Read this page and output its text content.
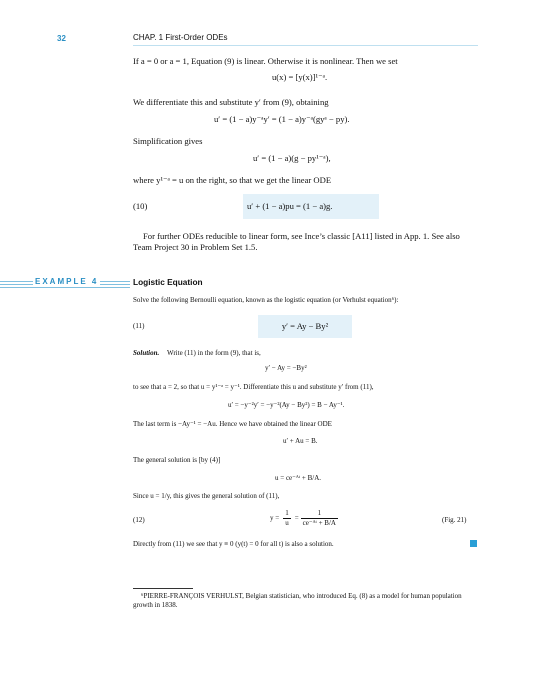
32	CHAP. 1 First-Order ODEs
If a = 0 or a = 1, Equation (9) is linear. Otherwise it is nonlinear. Then we set
u(x) = [y(x)]¹⁻ᵃ.
We differentiate this and substitute y′ from (9), obtaining
u′ = (1 − a)y⁻ᵃy′ = (1 − a)y⁻ᵃ(gyᵃ − py).
Simplification gives
u′ = (1 − a)(g − py¹⁻ᵃ),
where y¹⁻ᵃ = u on the right, so that we get the linear ODE
(10)	u′ + (1 − a)pu = (1 − a)g.
For further ODEs reducible to linear form, see Ince’s classic [A11] listed in App. 1. See also Team Project 30 in Problem Set 1.5.
EXAMPLE 4	Logistic Equation
Solve the following Bernoulli equation, known as the logistic equation (or Verhulst equation⁶):
(11)	y′ = Ay − By²
Solution. Write (11) in the form (9), that is,
y′ − Ay = −By²
to see that a = 2, so that u = y¹⁻ᵃ = y⁻¹. Differentiate this u and substitute y′ from (11),
u′ = −y⁻²y′ = −y⁻²(Ay − By²) = B − Ay⁻¹.
The last term is −Ay⁻¹ = −Au. Hence we have obtained the linear ODE
u′ + Au = B.
The general solution is [by (4)]
u = ce⁻ᴬᵗ + B/A.
Since u = 1/y, this gives the general solution of (11),
(12)	$y = \frac{1}{u} = \frac{1}{\text{ce⁻ᴬᵗ + B/A}}$	(Fig. 21)
Directly from (11) we see that y ≡ 0 (y(t) = 0 for all t) is also a solution.
⁶PIERRE-FRANÇOIS VERHULST, Belgian statistician, who introduced Eq. (8) as a model for human population growth in 1838.
